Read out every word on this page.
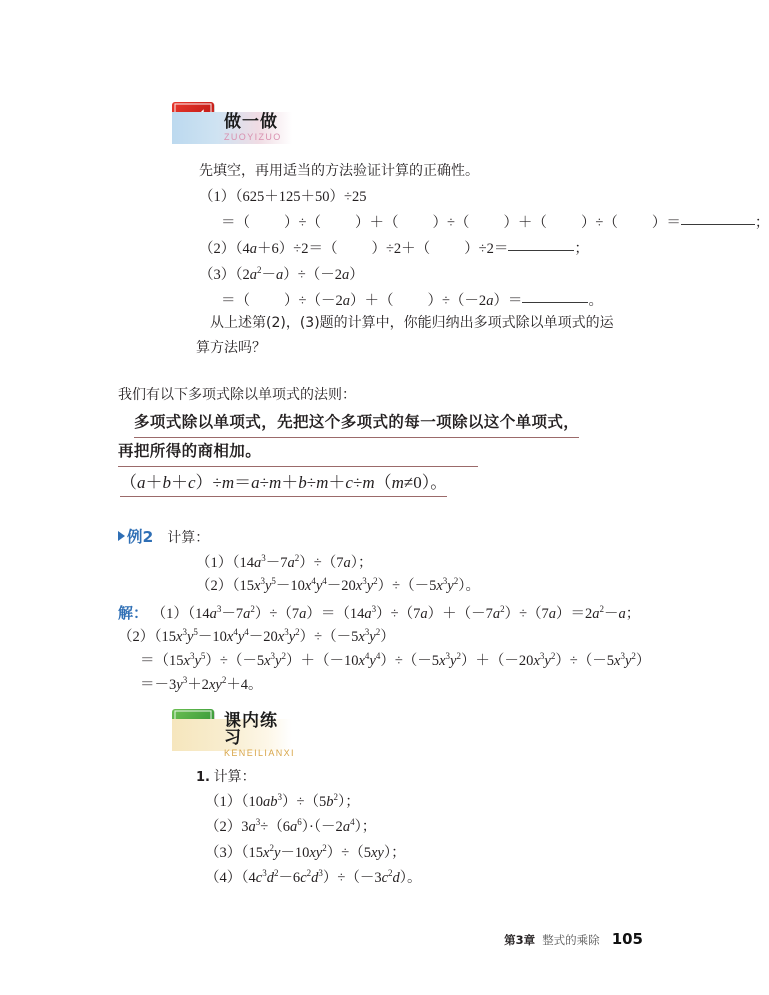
做一做
ZUOYIZUO
先填空，再用适当的方法验证计算的正确性。
（1）（625＋125＋50）÷25
＝（ ）÷（ ）＋（ ）÷（ ）＋（ ）÷（ ）＝	；
（2）（4a＋6）÷2＝（ ）÷2＋（ ）÷2＝	；
$(3)(2a^2-a)\div(-2a)$
＝（ ）÷（－2a）＋（ ）÷（－2a）＝	。
从上述第(2)，(3)题的计算中，你能归纳出多项式除以单项式的运
算方法吗？
我们有以下多项式除以单项式的法则：
多项式除以单项式，先把这个多项式的每一项除以这个单项式，
再把所得的商相加。
（a＋b＋c）÷m＝a÷m＋b÷m＋c÷m（m≠0）。
例2 计算：
$(1)(14a^3-7a^2)\div(7a)$；
$(2)(15x^3y^5-10x^4y^4-20x^3y^2)\div(-5x^3y^2)$。
解： $(1)(14a^3-7a^2)\div(7a)=(14a^3)\div(7a)+(-7a^2)\div(7a)=2a^2-a$；
$(2)(15x^3y^5-10x^4y^4-20x^3y^2)\div(-5x^3y^2)$
$=(15x^3y^5)\div(-5x^3y^2)+(-10x^4y^4)\div(-5x^3y^2)+(-20x^3y^2)\div(-5x^3y^2)$
$=-3y^3+2xy^2+4$。
课内练习
KENEILIANXI
1. 计算：
$(1)(10ab^3)\div(5b^2)$；
$(2)3a^3\div(6a^6)\cdot(-2a^4)$；
$(3)(15x^2y-10xy^2)\div(5xy)$；
$(4)(4c^3d^2-6c^2d^3)\div(-3c^2d)$。
第3章 整式的乘除 105
